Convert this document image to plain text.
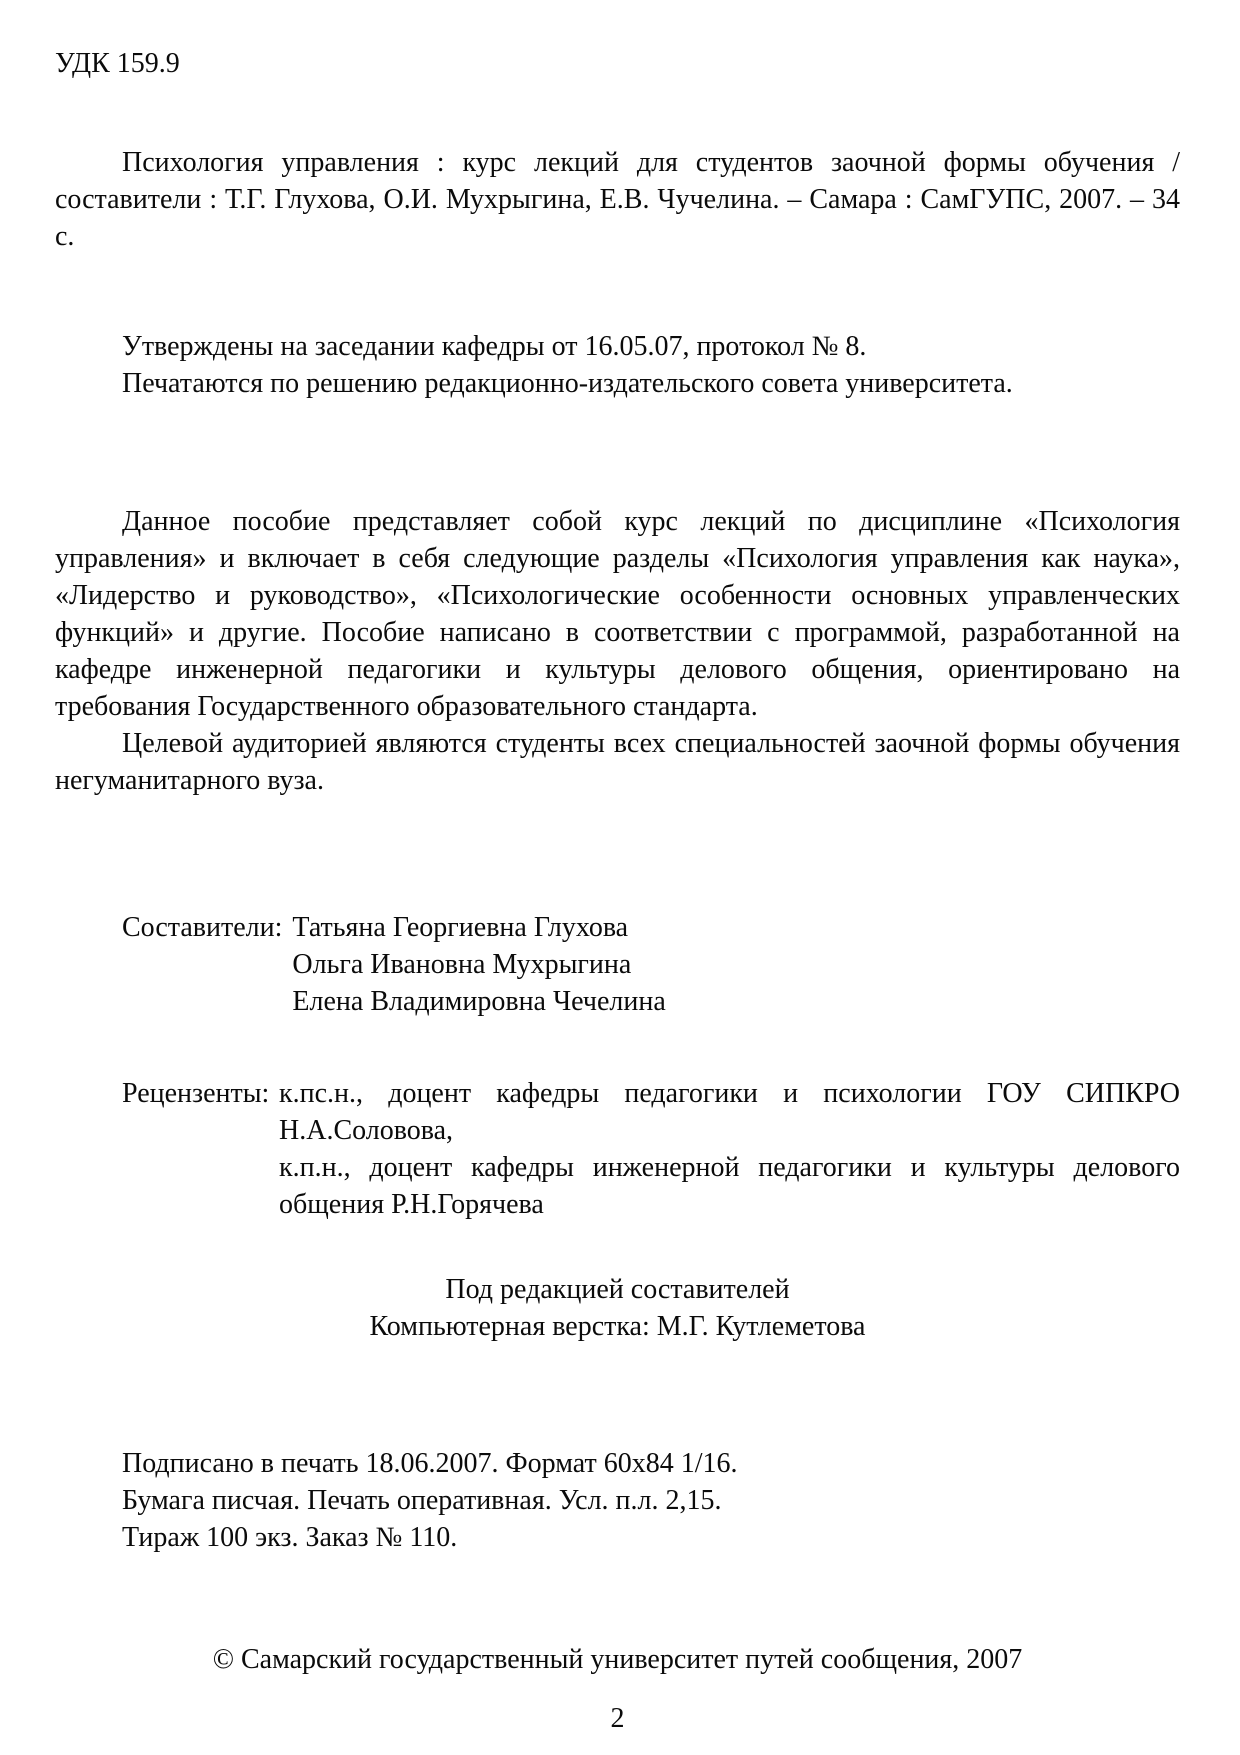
УДК 159.9

Психология управления : курс лекций для студентов заочной формы обучения / составители : Т.Г. Глухова, О.И. Мухрыгина, Е.В. Чучелина. – Самара : СамГУПС, 2007. – 34 с.

Утверждены на заседании кафедры от 16.05.07, протокол № 8.

Печатаются по решению редакционно-издательского совета университета.

Данное пособие представляет собой курс лекций по дисциплине «Психология управления» и включает в себя следующие разделы «Психология управления как наука», «Лидерство и руководство», «Психологические особенности основных управленческих функций» и другие. Пособие написано в соответствии с программой, разработанной на кафедре инженерной педагогики и культуры делового общения, ориентировано на требования Государственного образовательного стандарта.

Целевой аудиторией являются студенты всех специальностей заочной формы обучения негуманитарного вуза.

Составители: Татьяна Георгиевна Глухова

Ольга Ивановна Мухрыгина

Елена Владимировна Чечелина

Рецензенты: к.пс.н., доцент кафедры педагогики и психологии ГОУ СИПКРО Н.А.Соловова,

к.п.н., доцент кафедры инженерной педагогики и культуры делового общения Р.Н.Горячева

Под редакцией составителей

Компьютерная верстка: М.Г. Кутлеметова

Подписано в печать 18.06.2007. Формат 60х84 1/16.

Бумага писчая. Печать оперативная. Усл. п.л. 2,15.

Тираж 100 экз. Заказ № 110.

© Самарский государственный университет путей сообщения, 2007

2
